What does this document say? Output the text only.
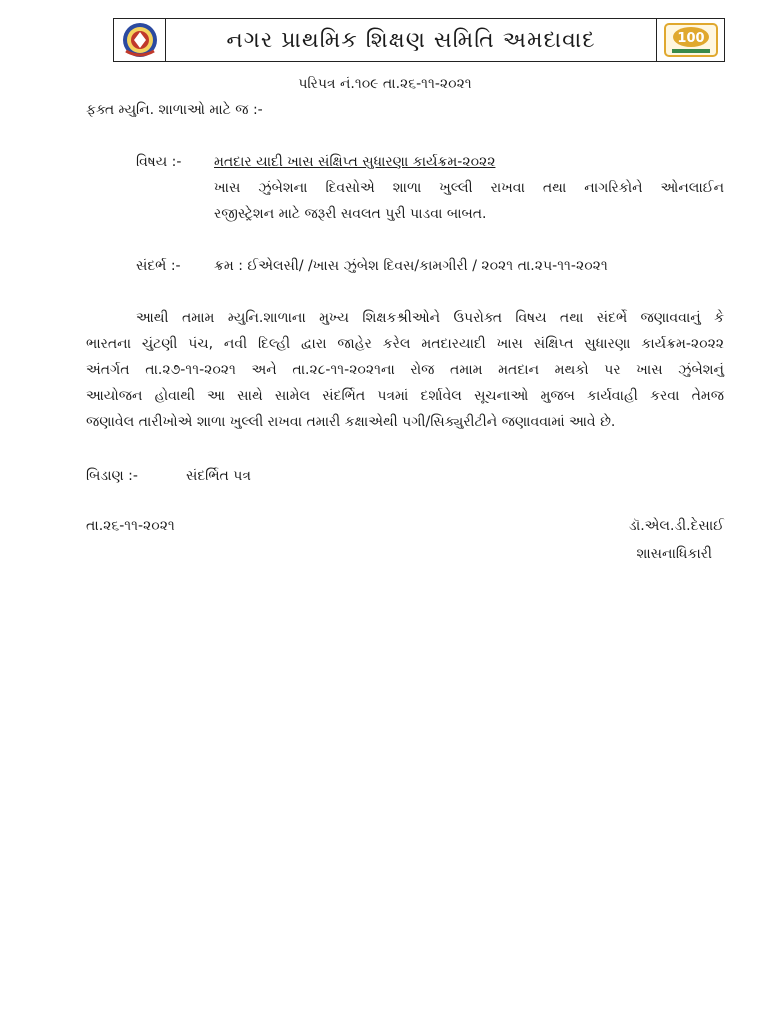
નગર પ્રાથમિક શિક્ષણ સમિતિ અમદાવાદ	100
પરિપત્ર નં.૧૦૯ તા.૨૬-૧૧-૨૦૨૧
ફક્ત મ્યુનિ. શાળાઓ માટે જ :-
વિષય :- મતદાર યાદી ખાસ સંક્ષિપ્ત સુધારણા કાર્યક્રમ-૨૦૨૨
ખાસ ઝુંબેશના દિવસોએ શાળા ખુલ્લી રાખવા તથા નાગરિકોને ઓનલાઈન
રજીસ્ટ્રેશન માટે જરૂરી સવલત પુરી પાડવા બાબત.
સંદર્ભ :- ક્રમ : ઈએલસી/ /ખાસ ઝુંબેશ દિવસ/કામગીરી / ૨૦૨૧ તા.૨૫-૧૧-૨૦૨૧
આથી તમામ મ્યુનિ.શાળાના મુખ્ય શિક્ષકશ્રીઓને ઉપરોક્ત વિષય તથા સંદર્ભે જણાવવાનું કે
ભારતના ચુંટણી પંચ, નવી દિલ્હી દ્વારા જાહેર કરેલ મતદારયાદી ખાસ સંક્ષિપ્ત સુધારણા કાર્યક્રમ-૨૦૨૨
અંતર્ગત તા.૨૭-૧૧-૨૦૨૧ અને તા.૨૮-૧૧-૨૦૨૧ના રોજ તમામ મતદાન મથકો પર ખાસ ઝુંબેશનું
આયોજન હોવાથી આ સાથે સામેલ સંદર્ભિત પત્રમાં દર્શાવેલ સૂચનાઓ મુજબ કાર્યવાહી કરવા તેમજ
જણાવેલ તારીખોએ શાળા ખુલ્લી રાખવા તમારી કક્ષાએથી પગી/સિક્યુરીટીને જણાવવામાં આવે છે.
બિડાણ :-	સંદર્ભિત પત્ર
તા.૨૬-૧૧-૨૦૨૧	ડૉ.એલ.ડી.દેસાઈ
શાસનાધિકારી
